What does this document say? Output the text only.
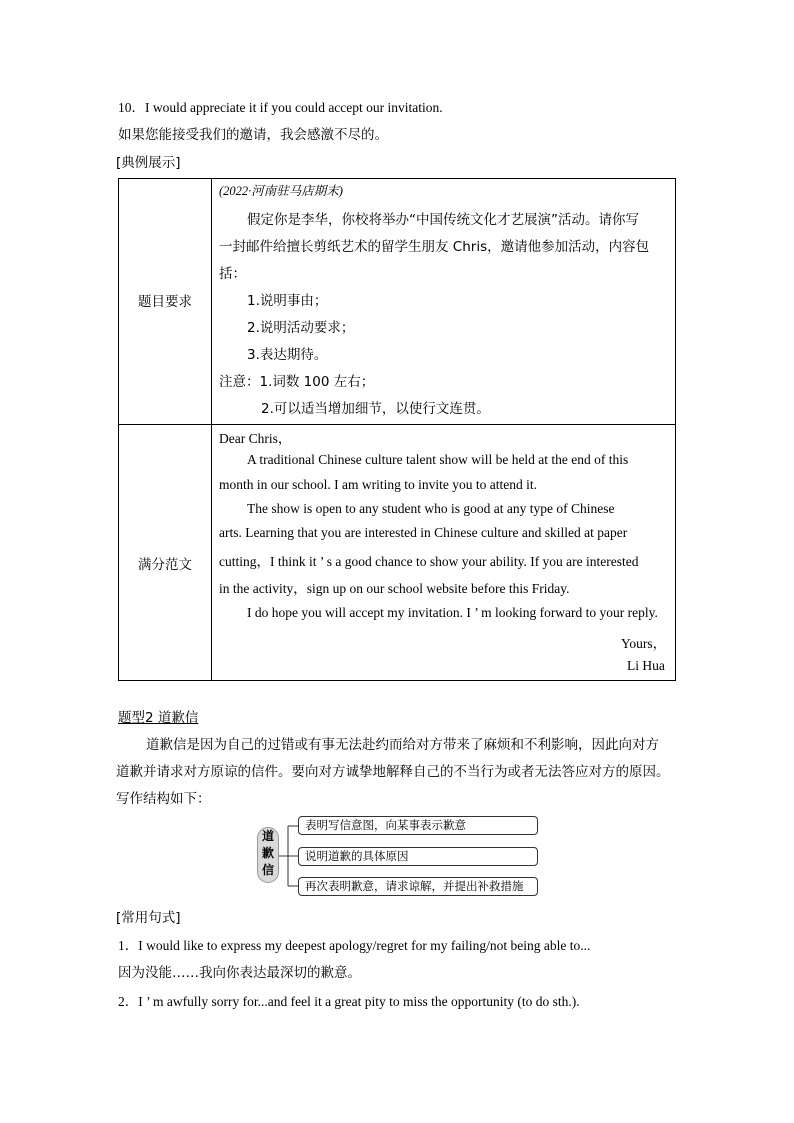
10．I would appreciate it if you could accept our invitation.
如果您能接受我们的邀请，我会感激不尽的。
[典例展示]
题目要求
(2022·河南驻马店期末)
假定你是李华，你校将举办“中国传统文化才艺展演”活动。请你写
一封邮件给擅长剪纸艺术的留学生朋友 Chris，邀请他参加活动，内容包
括：
1.说明事由；
2.说明活动要求；
3.表达期待。
注意：1.词数 100 左右；
2.可以适当增加细节，以使行文连贯。
满分范文
Dear Chris，
A traditional Chinese culture talent show will be held at the end of this
month in our school. I am writing to invite you to attend it.
The show is open to any student who is good at any type of Chinese
arts. Learning that you are interested in Chinese culture and skilled at paper
cutting，I think it ’ s a good chance to show your ability. If you are interested
in the activity，sign up on our school website before this Friday.
I do hope you will accept my invitation. I ’ m looking forward to your reply.
Yours，
Li Hua
题型2 道歉信
道歉信是因为自己的过错或有事无法赴约而给对方带来了麻烦和不利影响，因此向对方
道歉并请求对方原谅的信件。要向对方诚挚地解释自己的不当行为或者无法答应对方的原因。
写作结构如下：
道
歉
信
表明写信意图，向某事表示歉意
说明道歉的具体原因
再次表明歉意，请求谅解，并提出补救措施
[常用句式]
1．I would like to express my deepest apology/regret for my failing/not being able to...
因为没能……我向你表达最深切的歉意。
2．I ’ m awfully sorry for...and feel it a great pity to miss the opportunity (to do sth.).
